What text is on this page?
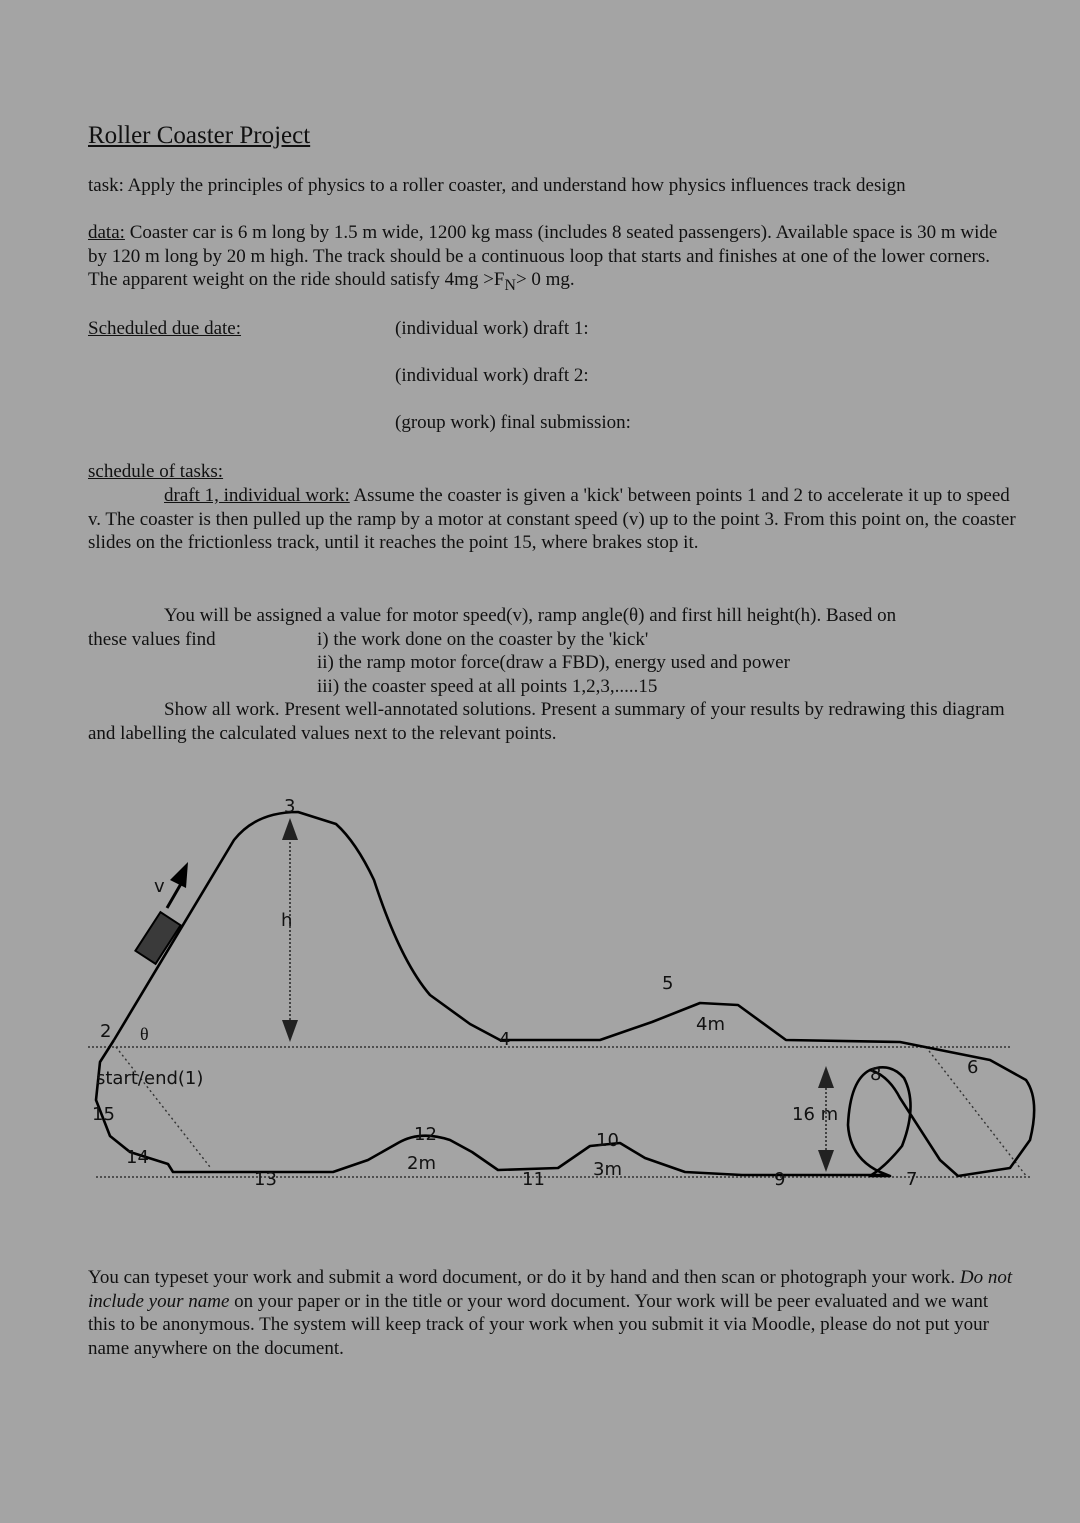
Roller Coaster Project
task: Apply the principles of physics to a roller coaster, and understand how physics influences track design
data: Coaster car is 6 m long by 1.5 m wide, 1200 kg mass (includes 8 seated passengers). Available space is 30 m wide by 120 m long by 20 m high. The track should be a continuous loop that starts and finishes at one of the lower corners. The apparent weight on the ride should satisfy $4mg >F_N> 0$ mg.
Scheduled due date:	(individual work) draft 1:
(individual work) draft 2:
(group work) final submission:
schedule of tasks:
draft 1, individual work: Assume the coaster is given a 'kick' between points 1 and 2 to accelerate it up to speed v. The coaster is then pulled up the ramp by a motor at constant speed (v) up to the point 3. From this point on, the coaster slides on the frictionless track, until it reaches the point 15, where brakes stop it.
You will be assigned a value for motor speed(v), ramp angle(θ) and first hill height(h). Based on
these values find	i) the work done on the coaster by the 'kick'
ii) the ramp motor force(draw a FBD), energy used and power
iii) the coaster speed at all points 1,2,3,.....15
Show all work. Present well-annotated solutions. Present a summary of your results by redrawing this diagram and labelling the calculated values next to the relevant points.
3
v
h
2 θ	4
5
4m
6
8
start/end(1)
15	16 m
14
12
2m
10
3m
13	11	9	7
You can typeset your work and submit a word document, or do it by hand and then scan or photograph your work. Do not include your name on your paper or in the title or your word document. Your work will be peer evaluated and we want this to be anonymous. The system will keep track of your work when you submit it via Moodle, please do not put your name anywhere on the document.
